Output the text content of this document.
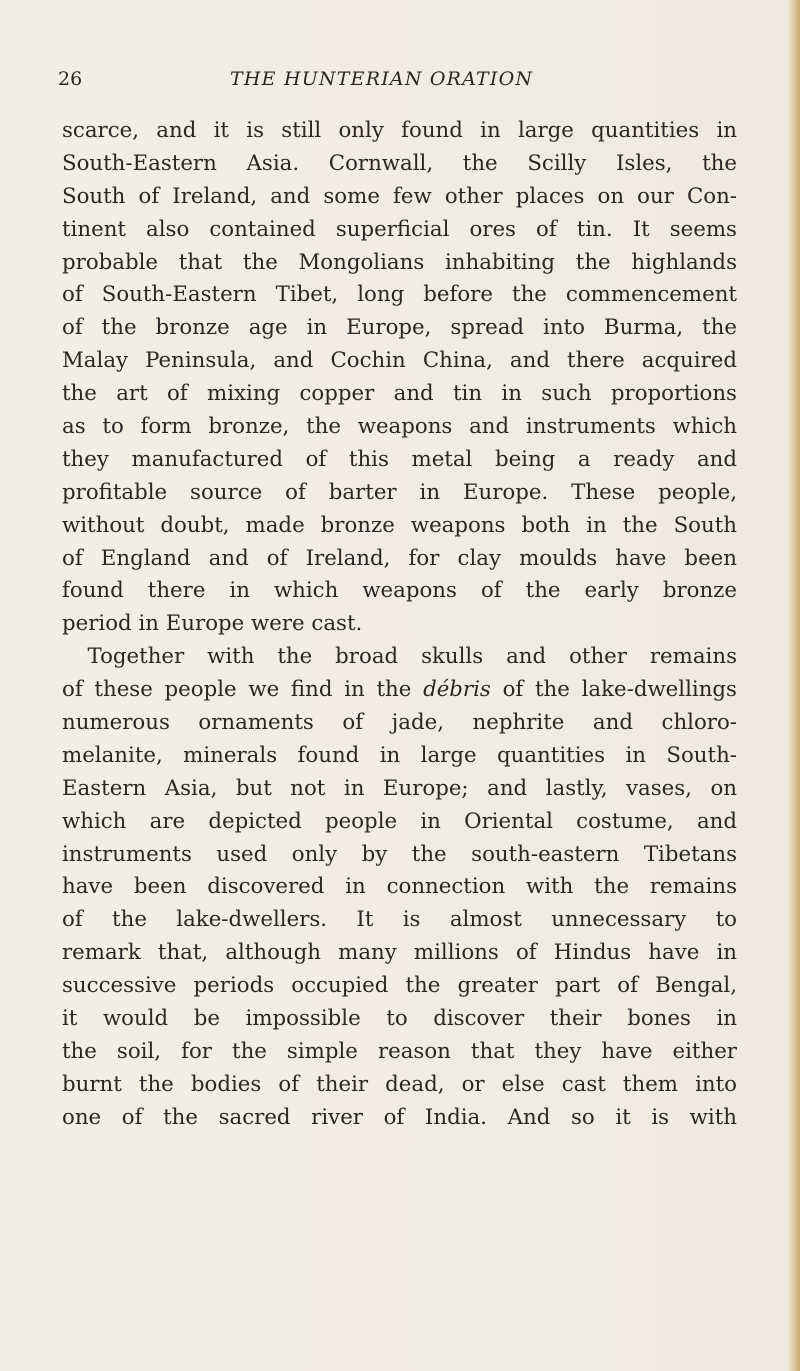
26	THE HUNTERIAN ORATION
scarce, and it is still only found in large quantities in
South-Eastern Asia. Cornwall, the Scilly Isles, the
South of Ireland, and some few other places on our Con-
tinent also contained superficial ores of tin. It seems
probable that the Mongolians inhabiting the highlands
of South-Eastern Tibet, long before the commencement
of the bronze age in Europe, spread into Burma, the
Malay Peninsula, and Cochin China, and there acquired
the art of mixing copper and tin in such proportions
as to form bronze, the weapons and instruments which
they manufactured of this metal being a ready and
profitable source of barter in Europe. These people,
without doubt, made bronze weapons both in the South
of England and of Ireland, for clay moulds have been
found there in which weapons of the early bronze
period in Europe were cast.
Together with the broad skulls and other remains
of these people we find in the débris of the lake-dwellings
numerous ornaments of jade, nephrite and chloro-
melanite, minerals found in large quantities in South-
Eastern Asia, but not in Europe; and lastly, vases, on
which are depicted people in Oriental costume, and
instruments used only by the south-eastern Tibetans
have been discovered in connection with the remains
of the lake-dwellers. It is almost unnecessary to
remark that, although many millions of Hindus have in
successive periods occupied the greater part of Bengal,
it would be impossible to discover their bones in
the soil, for the simple reason that they have either
burnt the bodies of their dead, or else cast them into
one of the sacred river of India. And so it is with
